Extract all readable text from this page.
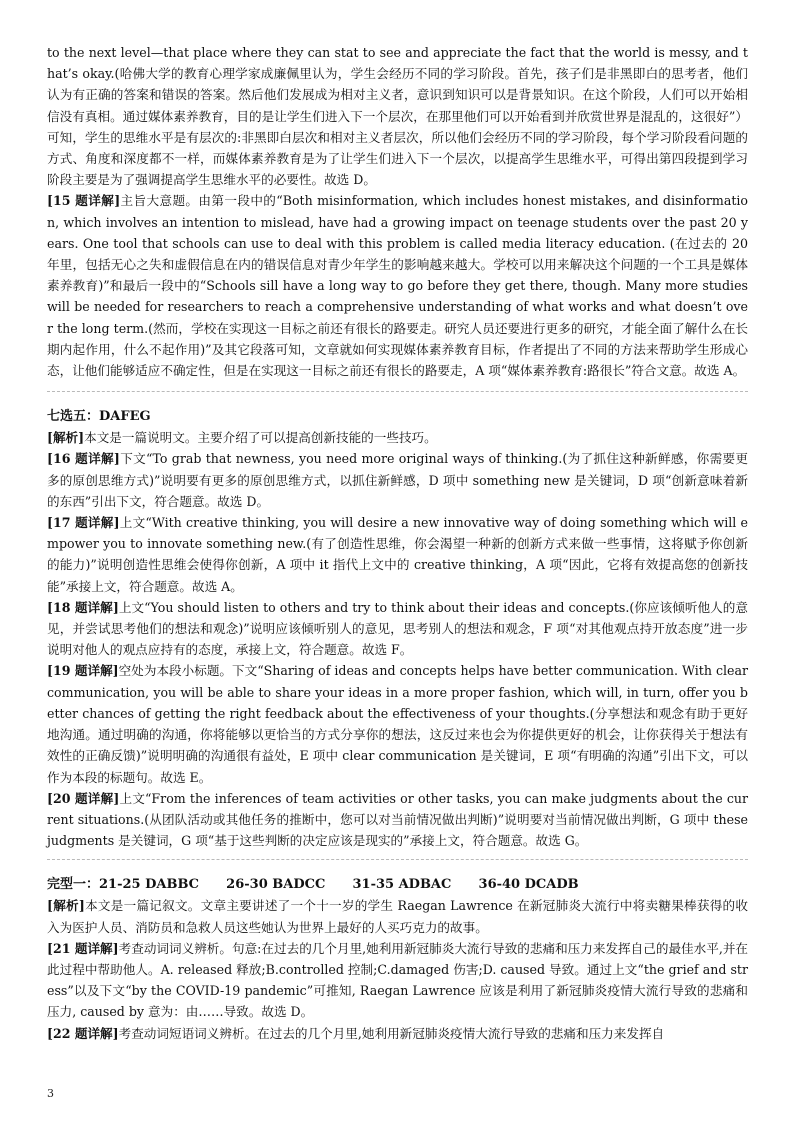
to the next level—that place where they can stat to see and appreciate the fact that the world is messy, and that’s okay.(哈佛大学的教育心理学家成廉佩里认为，学生会经历不同的学习阶段。首先，孩子们是非黑即白的思考者，他们认为有正确的答案和错误的答案。然后他们发展成为相对主义者，意识到知识可以是背景知识。在这个阶段，人们可以开始相信没有真相。通过媒体素养教育，目的是让学生们进入下一个层次，在那里他们可以开始看到并欣赏世界是混乱的，这很好”）可知，学生的思维水平是有层次的:非黑即白层次和相对主义者层次，所以他们会经历不同的学习阶段，每个学习阶段看问题的方式、角度和深度都不一样，而媒体素养教育是为了让学生们进入下一个层次，以提高学生思维水平，可得出第四段提到学习阶段主要是为了强调提高学生思维水平的必要性。故选 D。

[15 题详解]主旨大意题。由第一段中的“Both misinformation, which includes honest mistakes, and disinformation, which involves an intention to mislead, have had a growing impact on teenage students over the past 20 years. One tool that schools can use to deal with this problem is called media literacy education. (在过去的 20 年里，包括无心之失和虚假信息在内的错误信息对青少年学生的影响越来越大。学校可以用来解决这个问题的一个工具是媒体素养教育)”和最后一段中的“Schools sill have a long way to go before they get there, though. Many more studies will be needed for researchers to reach a comprehensive understanding of what works and what doesn’t over the long term.(然而，学校在实现这一目标之前还有很长的路要走。研究人员还要进行更多的研究，才能全面了解什么在长期内起作用，什么不起作用)”及其它段落可知，文章就如何实现媒体素养教育目标，作者提出了不同的方法来帮助学生形成心态，让他们能够适应不确定性，但是在实现这一目标之前还有很长的路要走，A 项“媒体素养教育:路很长”符合文意。故选 A。

七选五：DAFEG

[解析]本文是一篇说明文。主要介绍了可以提高创新技能的一些技巧。

[16 题详解]下文“To grab that newness, you need more original ways of thinking.(为了抓住这种新鲜感，你需要更多的原创思维方式)”说明要有更多的原创思维方式，以抓住新鲜感，D 项中 something new 是关键词，D 项“创新意味着新的东西”引出下文，符合题意。故选 D。

[17 题详解]上文“With creative thinking, you will desire a new innovative way of doing something which will empower you to innovate something new.(有了创造性思维，你会渴望一种新的创新方式来做一些事情，这将赋予你创新的能力)”说明创造性思维会使得你创新，A 项中 it 指代上文中的 creative thinking，A 项“因此，它将有效提高您的创新技能”承接上文，符合题意。故选 A。

[18 题详解]上文“You should listen to others and try to think about their ideas and concepts.(你应该倾听他人的意见，并尝试思考他们的想法和观念)”说明应该倾听别人的意见，思考别人的想法和观念，F 项“对其他观点持开放态度”进一步说明对他人的观点应持有的态度，承接上文，符合题意。故选 F。

[19 题详解]空处为本段小标题。下文“Sharing of ideas and concepts helps have better communication. With clear communication, you will be able to share your ideas in a more proper fashion, which will, in turn, offer you better chances of getting the right feedback about the effectiveness of your thoughts.(分享想法和观念有助于更好地沟通。通过明确的沟通，你将能够以更恰当的方式分享你的想法，这反过来也会为你提供更好的机会，让你获得关于想法有效性的正确反馈)”说明明确的沟通很有益处，E 项中 clear communication 是关键词，E 项“有明确的沟通”引出下文，可以作为本段的标题句。故选 E。

[20 题详解]上文“From the inferences of team activities or other tasks, you can make judgments about the current situations.(从团队活动或其他任务的推断中，您可以对当前情况做出判断)”说明要对当前情况做出判断，G 项中 these judgments 是关键词，G 项“基于这些判断的决定应该是现实的”承接上文，符合题意。故选 G。

完型一：21-25 DABBC      26-30 BADCC      31-35 ADBAC      36-40 DCADB

[解析]本文是一篇记叙文。文章主要讲述了一个十一岁的学生 Raegan Lawrence 在新冠肺炎大流行中将卖糖果棒获得的收入为医护人员、消防员和急救人员这些她认为世界上最好的人买巧克力的故事。

[21 题详解]考查动词词义辨析。句意:在过去的几个月里,她利用新冠肺炎大流行导致的悲痛和压力来发挥自己的最佳水平,并在此过程中帮助他人。A. released 释放;B.controlled 控制;C.damaged 伤害;D. caused 导致。通过上文“the grief and stress”以及下文“by the COVID-19 pandemic”可推知, Raegan Lawrence 应该是利用了新冠肺炎疫情大流行导致的悲痛和压力, caused by 意为：由……导致。故选 D。

[22 题详解]考查动词短语词义辨析。在过去的几个月里,她利用新冠肺炎疫情大流行导致的悲痛和压力来发挥自

3
